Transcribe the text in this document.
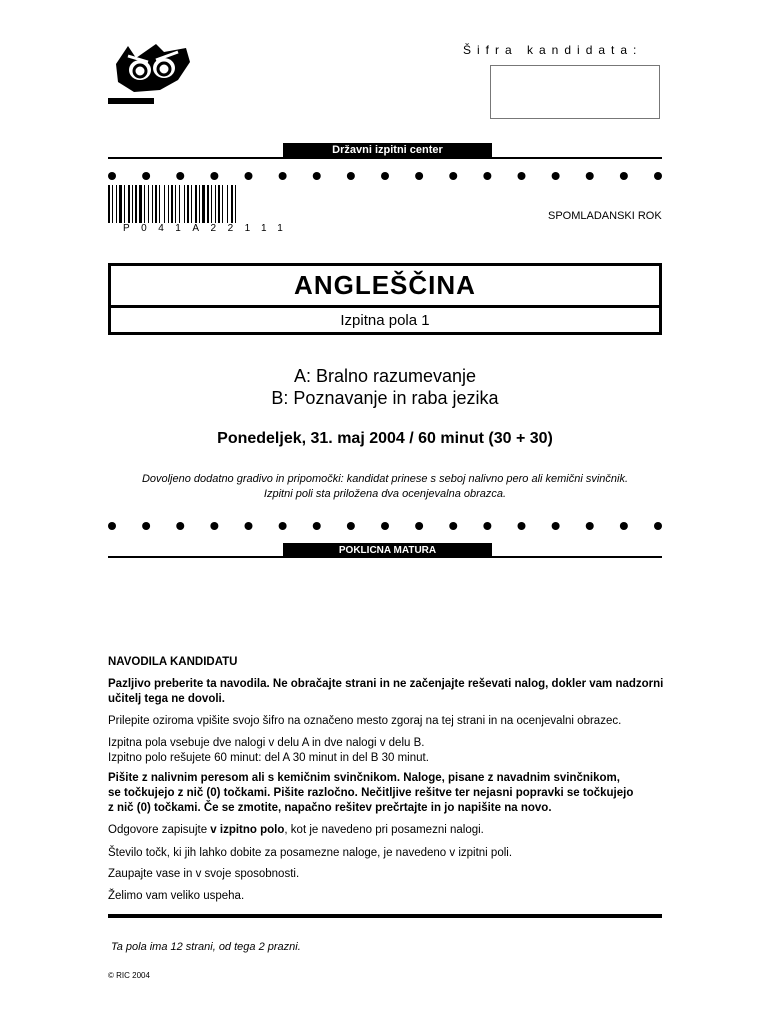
Šifra kandidata:
Državni izpitni center
P041A22111
SPOMLADANSKI ROK
ANGLEŠČINA
Izpitna pola 1
A: Bralno razumevanje
B: Poznavanje in raba jezika
Ponedeljek, 31. maj 2004 / 60 minut (30 + 30)
Dovoljeno dodatno gradivo in pripomočki: kandidat prinese s seboj nalivno pero ali kemični svinčnik.
Izpitni poli sta priložena dva ocenjevalna obrazca.
POKLICNA MATURA
NAVODILA KANDIDATU
Pazljivo preberite ta navodila. Ne obračajte strani in ne začenjajte reševati nalog, dokler vam nadzorni učitelj tega ne dovoli.
Prilepite oziroma vpišite svojo šifro na označeno mesto zgoraj na tej strani in na ocenjevalni obrazec.
Izpitna pola vsebuje dve nalogi v delu A in dve nalogi v delu B.
Izpitno polo rešujete 60 minut: del A 30 minut in del B 30 minut.
Pišite z nalivnim peresom ali s kemičnim svinčnikom. Naloge, pisane z navadnim svinčnikom,
se točkujejo z nič (0) točkami. Pišite razločno. Nečitljive rešitve ter nejasni popravki se točkujejo
z nič (0) točkami. Če se zmotite, napačno rešitev prečrtajte in jo napišite na novo.
Odgovore zapisujte v izpitno polo, kot je navedeno pri posamezni nalogi.
Število točk, ki jih lahko dobite za posamezne naloge, je navedeno v izpitni poli.
Zaupajte vase in v svoje sposobnosti.
Želimo vam veliko uspeha.
Ta pola ima 12 strani, od tega 2 prazni.
© RIC 2004
